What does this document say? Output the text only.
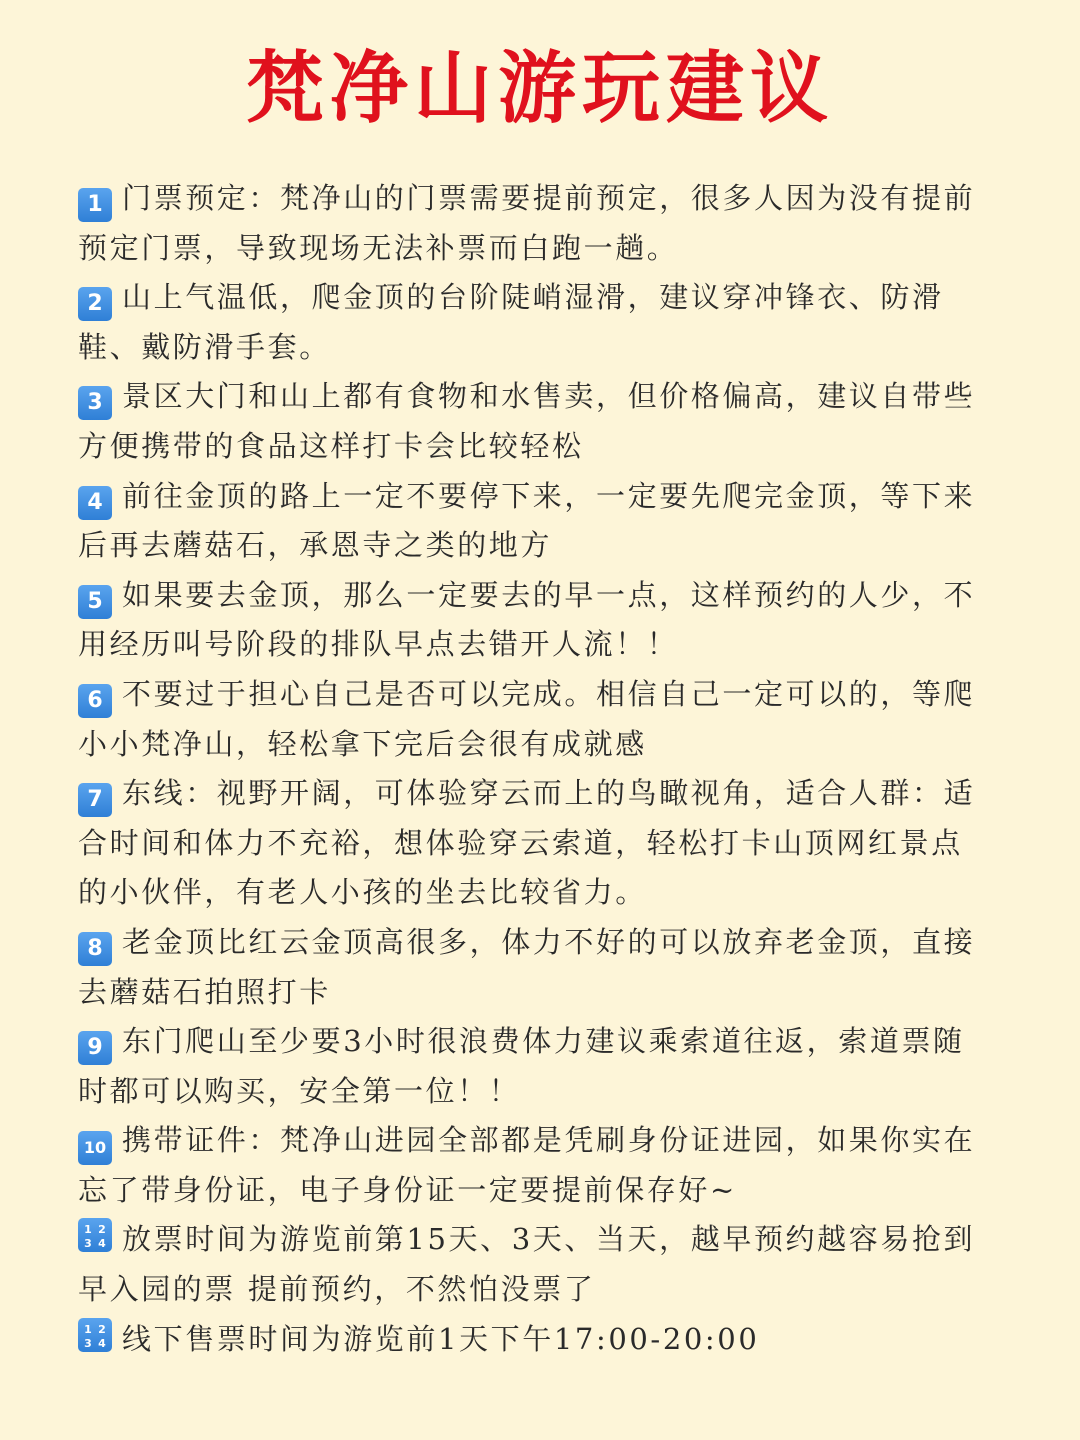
梵净山游玩建议
1 门票预定：梵净山的门票需要提前预定，很多人因为没有提前预定门票，导致现场无法补票而白跑一趟。
2 山上气温低，爬金顶的台阶陡峭湿滑，建议穿冲锋衣、防滑鞋、戴防滑手套。
3 景区大门和山上都有食物和水售卖，但价格偏高，建议自带些方便携带的食品这样打卡会比较轻松
4 前往金顶的路上一定不要停下来，一定要先爬完金顶，等下来后再去蘑菇石，承恩寺之类的地方
5 如果要去金顶，那么一定要去的早一点，这样预约的人少，不用经历叫号阶段的排队早点去错开人流！！
6 不要过于担心自己是否可以完成。相信自己一定可以的，等爬小小梵净山，轻松拿下完后会很有成就感
7 东线：视野开阔，可体验穿云而上的鸟瞰视角，适合人群：适合时间和体力不充裕，想体验穿云索道，轻松打卡山顶网红景点的小伙伴，有老人小孩的坐去比较省力。
8 老金顶比红云金顶高很多，体力不好的可以放弃老金顶，直接去蘑菇石拍照打卡
9 东门爬山至少要3小时很浪费体力建议乘索道往返，索道票随时都可以购买，安全第一位！！
10 携带证件：梵净山进园全部都是凭刷身份证进园，如果你实在忘了带身份证，电子身份证一定要提前保存好~
1 2
3 4 放票时间为游览前第15天、3天、当天，越早预约越容易抢到早入园的票 提前预约，不然怕没票了
1 2
3 4 线下售票时间为游览前1天下午17:00-20:00
